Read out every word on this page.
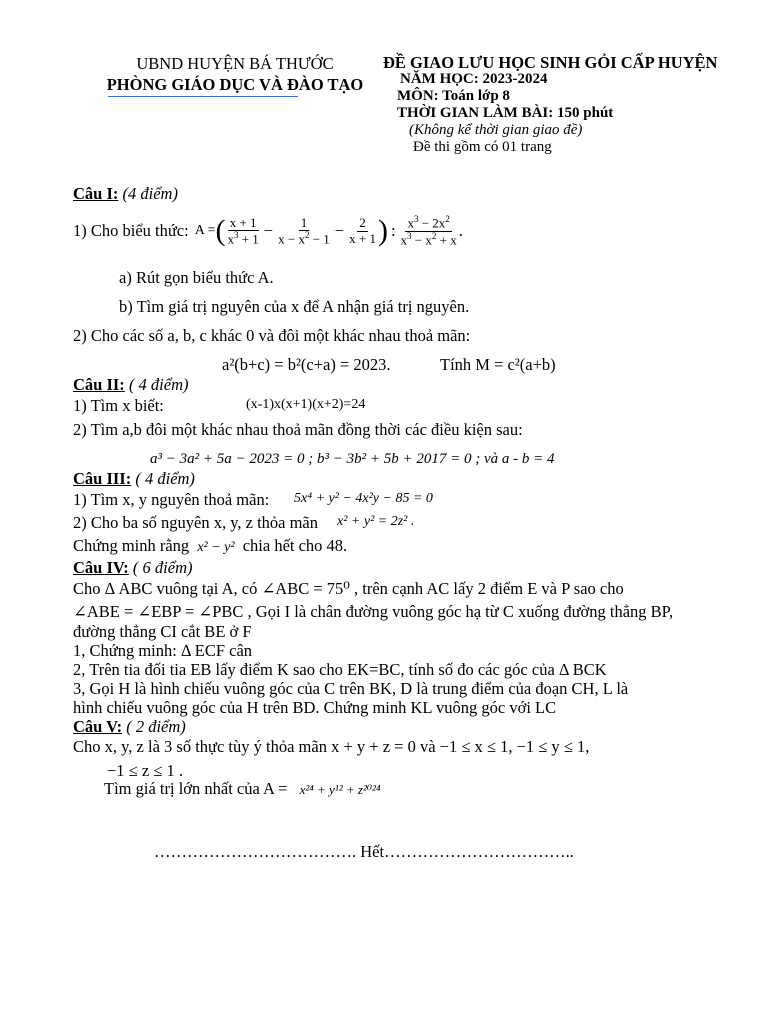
UBND HUYỆN BÁ THƯỚC
PHÒNG GIÁO DỤC VÀ ĐÀO TẠO
ĐỀ GIAO LƯU HỌC SINH GỎI CẤP HUYỆN
NĂM HỌC: 2023-2024
MÔN: Toán lớp 8
THỜI GIAN LÀM BÀI: 150 phút
(Không kể thời gian giao đề)
Đề thi gồm có 01 trang
Câu I: (4 điểm)
1) Cho biểu thức: A = ( $\frac{x + 1}{x^3 + 1} - \frac{1}{x - x^2 - 1} - \frac{2}{x + 1}$ ) : $\frac{x^3 - 2x^2}{x^3 - x^2 + x}$ .
a) Rút gọn biểu thức A.
b) Tìm giá trị nguyên của x để A nhận giá trị nguyên.
2) Cho các số a, b, c khác 0 và đôi một khác nhau thoả mãn:
a²(b+c) = b²(c+a) = 2023.	Tính M = c²(a+b)
Câu II: ( 4 điểm)
1) Tìm x biết:	(x-1)x(x+1)(x+2)=24
2) Tìm a,b đôi một khác nhau thoả mãn đồng thời các điều kiện sau:
a³ − 3a² + 5a − 2023 = 0 ; b³ − 3b² + 5b + 2017 = 0 ; và a - b = 4
Câu III: ( 4 điểm)
1) Tìm x, y nguyên thoả mãn: 5x⁴ + y² − 4x²y − 85 = 0
2) Cho ba số nguyên x, y, z thỏa mãn x² + y² = 2z² .
Chứng minh rằng x² − y² chia hết cho 48.
Câu IV: ( 6 điểm)
Cho Δ ABC vuông tại A, có ∠ABC = 75⁰ , trên cạnh AC lấy 2 điểm E và P sao cho
∠ABE = ∠EBP = ∠PBC , Gọi I là chân đường vuông góc hạ từ C xuống đường thẳng BP,
đường thẳng CI cắt BE ở F
1, Chứng minh: Δ ECF cân
2, Trên tia đối tia EB lấy điểm K sao cho EK=BC, tính số đo các góc của Δ BCK
3, Gọi H là hình chiếu vuông góc của C trên BK, D là trung điểm của đoạn CH, L là
hình chiếu vuông góc của H trên BD. Chứng minh KL vuông góc với LC
Câu V: ( 2 điểm)
Cho x, y, z là 3 số thực tùy ý thỏa mãn x + y + z = 0 và −1 ≤ x ≤ 1, −1 ≤ y ≤ 1,
−1 ≤ z ≤ 1 .
Tìm giá trị lớn nhất của A = x²⁴ + y¹² + z²⁰²⁴
………………………………. Hết……………………………..
